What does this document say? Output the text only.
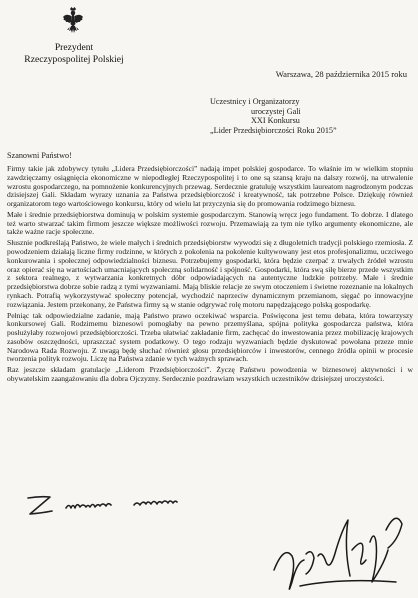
Prezydent
Rzeczypospolitej Polskiej
Warszawa, 28 października 2015 roku
Uczestnicy i Organizatorzy
uroczystej Gali
XXI Konkursu
„Lider Przedsiębiorczości Roku 2015”
Szanowni Państwo!

Firmy takie jak zdobywcy tytułu „Lidera Przedsiębiorczości” nadają impet polskiej gospodarce. To właśnie im w wielkim stopniu zawdzięczamy osiągnięcia ekonomiczne w niepodległej Rzeczypospolitej i to one są szansą kraju na dalszy rozwój, na utrwalenie wzrostu gospodarczego, na pomnożenie konkurencyjnych przewag. Serdecznie gratuluję wszystkim laureatom nagrodzonym podczas dzisiejszej Gali. Składam wyrazy uznania za Państwa przedsiębiorczość i kreatywność, tak potrzebne Polsce. Dziękuję również organizatorom tego wartościowego konkursu, który od wielu lat przyczynia się do promowania rodzimego biznesu.

Małe i średnie przedsiębiorstwa dominują w polskim systemie gospodarczym. Stanowią wręcz jego fundament. To dobrze. I dlatego też warto stwarzać takim firmom jeszcze większe możliwości rozwoju. Przemawiają za tym nie tylko argumenty ekonomiczne, ale także ważne racje społeczne.

Słusznie podkreślają Państwo, że wiele małych i średnich przedsiębiorstw wywodzi się z długoletnich tradycji polskiego rzemiosła. Z powodzeniem działają liczne firmy rodzinne, w których z pokolenia na pokolenie kultywowany jest etos profesjonalizmu, uczciwego konkurowania i społecznej odpowiedzialności biznesu. Potrzebujemy gospodarki, która będzie czerpać z trwałych źródeł wzrostu oraz opierać się na wartościach umacniających społeczną solidarność i spójność. Gospodarki, która swą siłę bierze przede wszystkim z sektora realnego, z wytwarzania konkretnych dóbr odpowiadających na autentyczne ludzkie potrzeby. Małe i średnie przedsiębiorstwa dobrze sobie radzą z tymi wyzwaniami. Mają bliskie relacje ze swym otoczeniem i świetne rozeznanie na lokalnych rynkach. Potrafią wykorzystywać społeczny potencjał, wychodzić naprzeciw dynamicznym przemianom, sięgać po innowacyjne rozwiązania. Jestem przekonany, że Państwa firmy są w stanie odgrywać rolę motoru napędzającego polską gospodarkę.

Pełniąc tak odpowiedzialne zadanie, mają Państwo prawo oczekiwać wsparcia. Poświęcona jest temu debata, która towarzyszy konkursowej Gali. Rodzimemu biznesowi pomogłaby na pewno przemyślana, spójna polityka gospodarcza państwa, która posłużyłaby rozwojowi przedsiębiorczości. Trzeba ułatwiać zakładanie firm, zachęcać do inwestowania przez mobilizację krajowych zasobów oszczędności, upraszczać system podatkowy. O tego rodzaju wyzwaniach będzie dyskutować powołana przeze mnie Narodowa Rada Rozwoju. Z uwagą będę słuchać również głosu przedsiębiorców i inwestorów, cennego źródła opinii w procesie tworzenia polityk rozwoju. Liczę na Państwa zdanie w tych ważnych sprawach.

Raz jeszcze składam gratulacje „Liderom Przedsiębiorczości”. Życzę Państwu powodzenia w biznesowej aktywności i w obywatelskim zaangażowaniu dla dobra Ojczyzny. Serdecznie pozdrawiam wszystkich uczestników dzisiejszej uroczystości.
